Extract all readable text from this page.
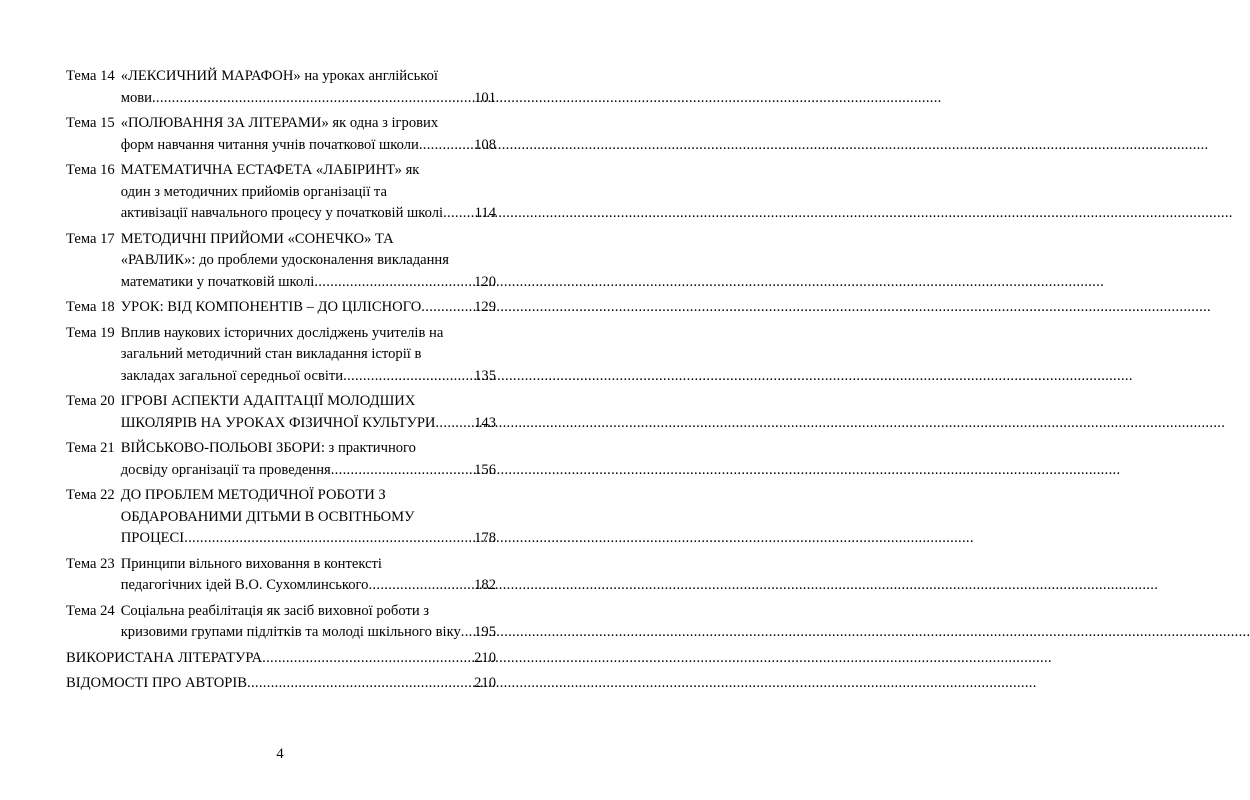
Тема 14 «ЛЕКСИЧНИЙ МАРАФОН» на уроках англійської
мови .....	101
Тема 15 «ПОЛЮВАННЯ ЗА ЛІТЕРАМИ» як одна з ігрових
форм навчання читання учнів початкової школи .....	108
Тема 16 МАТЕМАТИЧНА ЕСТАФЕТА «ЛАБІРИНТ» як
один з методичних прийомів організації та
активізації навчального процесу у початковій школі ..... 114
Тема 17 МЕТОДИЧНІ ПРИЙОМИ «СОНЕЧКО» ТА
«РАВЛИК»: до проблеми удосконалення викладання
математики у початковій школі .....	120
Тема 18 УРОК: ВІД КОМПОНЕНТІВ – ДО ЦІЛІСНОГО .....	129
Тема 19 Вплив наукових історичних досліджень учителів на
загальний методичний стан викладання історії в
закладах загальної середньої освіти .....	135
Тема 20 ІГРОВІ АСПЕКТИ АДАПТАЦІЇ МОЛОДШИХ
ШКОЛЯРІВ НА УРОКАХ ФІЗИЧНОЇ КУЛЬТУРИ .....	143
Тема 21 ВІЙСЬКОВО-ПОЛЬОВІ ЗБОРИ: з практичного
досвіду організації та проведення .....	156
Тема 22 ДО ПРОБЛЕМ МЕТОДИЧНОЇ РОБОТИ З
ОБДАРОВАНИМИ ДІТЬМИ В ОСВІТНЬОМУ
ПРОЦЕСІ .....	178
Тема 23 Принципи вільного виховання в контексті
педагогічних ідей В.О. Сухомлинського .....	182
Тема 24 Соціальна реабілітація як засіб виховної роботи з
кризовими групами підлітків та молоді шкільного віку ..... 195
ВИКОРИСТАНА ЛІТЕРАТУРА .....	210
ВІДОМОСТІ ПРО АВТОРІВ .....	210
4
